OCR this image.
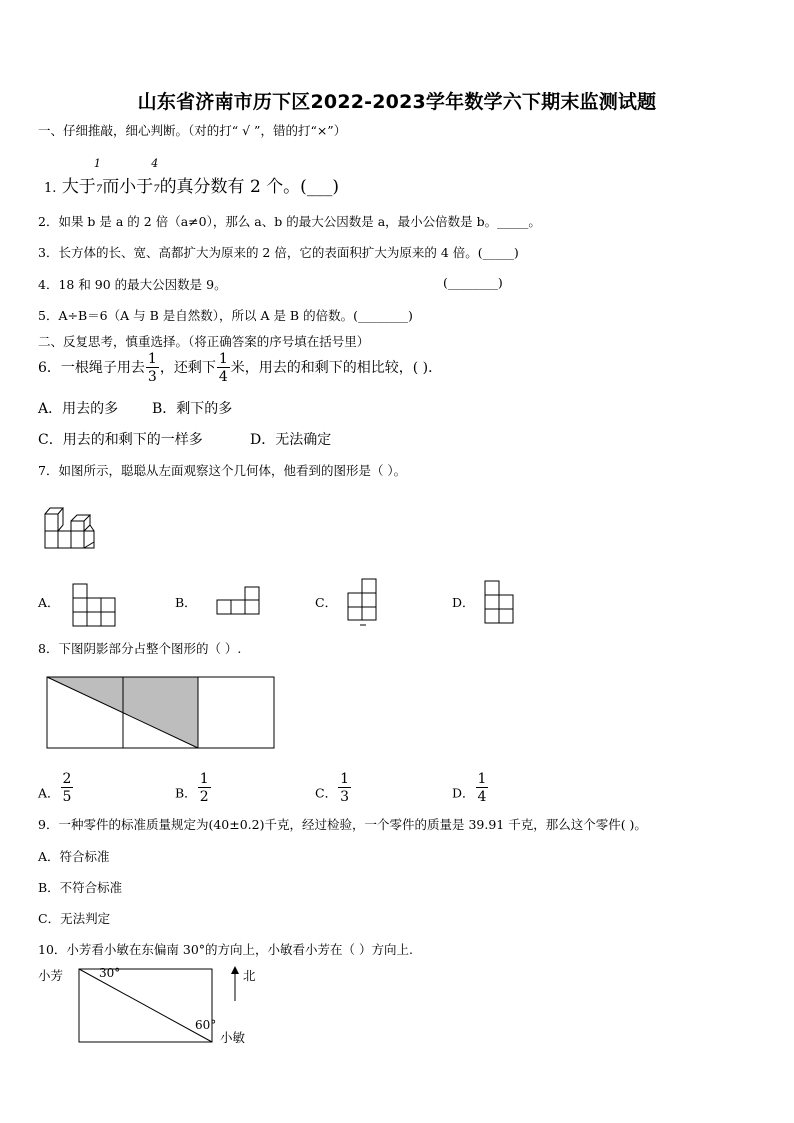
山东省济南市历下区2022-2023学年数学六下期末监测试题
一、仔细推敲，细心判断。（对的打“ √ ”，错的打“×”）
1. 大于
1
7而小于
4
7的真分数有 2 个。(___)
2．如果 b 是 a 的 2 倍（a≠0），那么 a、b 的最大公因数是 a，最小公倍数是 b。_____。
3．长方体的长、宽、高都扩大为原来的 2 倍，它的表面积扩大为原来的 4 倍。(_____)
4．18 和 90 的最大公因数是 9。	(________)
5．A÷B＝6（A 与 B 是自然数），所以 A 是 B 的倍数。(________)
二、反复思考，慎重选择。（将正确答案的序号填在括号里）
6．一根绳子用去 $\frac{1}{3}$ ，还剩下 $\frac{1}{4}$ 米，用去的和剩下的相比较，( )．
A．用去的多 B．剩下的多
C．用去的和剩下的一样多	D．无法确定
7．如图所示，聪聪从左面观察这个几何体，他看到的图形是（ ）。
A．	B．	C．	D．
8．下图阴影部分占整个图形的（ ）.
A． $\frac{2}{5}$	B． $\frac{1}{2}$	C． $\frac{1}{3}$	D． $\frac{1}{4}$
9．一种零件的标准质量规定为(40±0.2)千克，经过检验，一个零件的质量是 39.91 千克，那么这个零件( )。
A．符合标准
B．不符合标准
C．无法判定
10．小芳看小敏在东偏南 30°的方向上，小敏看小芳在（ ）方向上.
小芳	30°
60°
小敏
北
